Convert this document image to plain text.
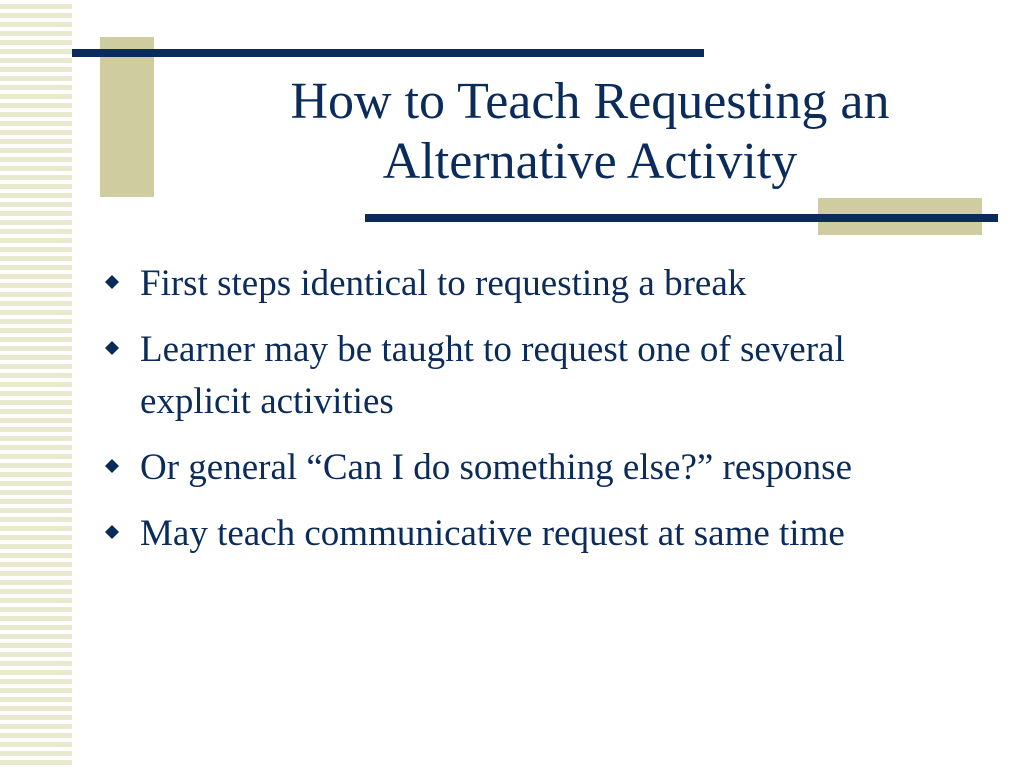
How to Teach Requesting an
Alternative Activity
First steps identical to requesting a break
Learner may be taught to request one of several explicit activities
Or general “Can I do something else?” response
May teach communicative request at same time
